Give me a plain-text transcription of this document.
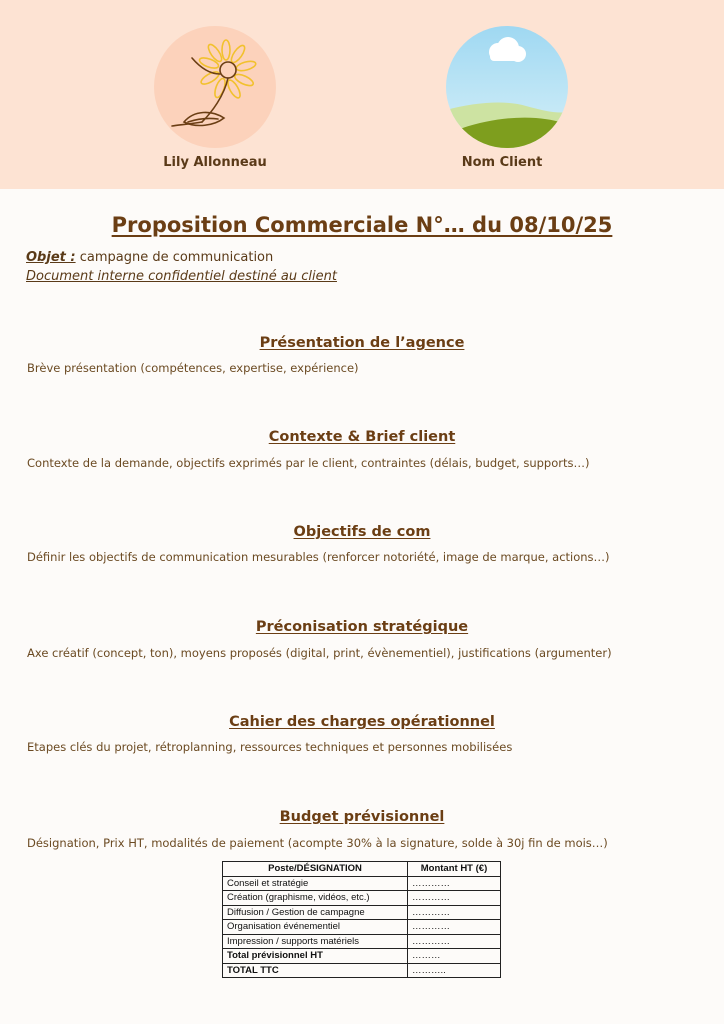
Lily Allonneau	Nom Client
Proposition Commerciale N°… du 08/10/25
Objet : campagne de communication
Document interne confidentiel destiné au client
Présentation de l’agence
Brève présentation (compétences, expertise, expérience)
Contexte & Brief client
Contexte de la demande, objectifs exprimés par le client, contraintes (délais, budget, supports…)
Objectifs de com
Définir les objectifs de communication mesurables (renforcer notoriété, image de marque, actions…)
Préconisation stratégique
Axe créatif (concept, ton), moyens proposés (digital, print, évènementiel), justifications (argumenter)
Cahier des charges opérationnel
Etapes clés du projet, rétroplanning, ressources techniques et personnes mobilisées
Budget prévisionnel
Désignation, Prix HT, modalités de paiement (acompte 30% à la signature, solde à 30j fin de mois…)
Poste/DÉSIGNATION	Montant HT (€)
Conseil et stratégie	…………
Création (graphisme, vidéos, etc.)	…………
Diffusion / Gestion de campagne	…………
Organisation événementiel	…………
Impression / supports matériels	…………
Total prévisionnel HT	………
TOTAL TTC	………..
